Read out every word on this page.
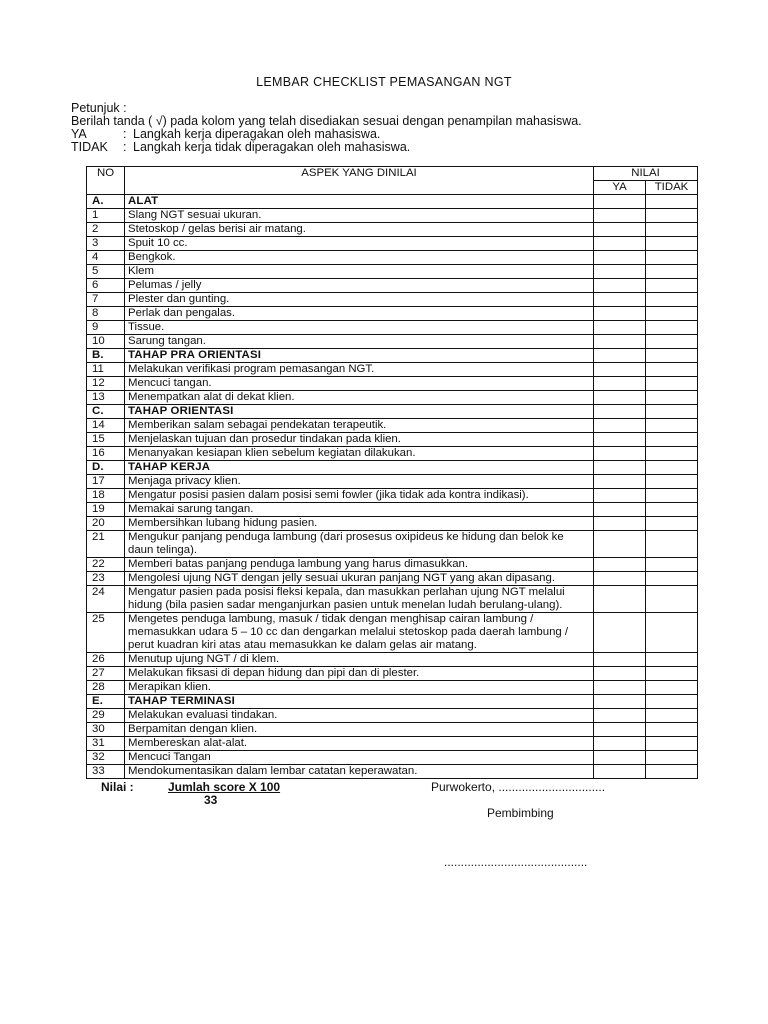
LEMBAR CHECKLIST PEMASANGAN NGT
Petunjuk :
Berilah tanda ( √) pada kolom yang telah disediakan sesuai dengan penampilan mahasiswa.
YA	: Langkah kerja diperagakan oleh mahasiswa.
TIDAK	: Langkah kerja tidak diperagakan oleh mahasiswa.
NO	ASPEK YANG DINILAI	NILAI	
		YA	TIDAK
A.	ALAT		
1	Slang NGT sesuai ukuran.		
2	Stetoskop / gelas berisi air matang.		
3	Spuit 10 cc.		
4	Bengkok.		
5	Klem		
6	Pelumas / jelly		
7	Plester dan gunting.		
8	Perlak dan pengalas.		
9	Tissue.		
10	Sarung tangan.		
B.	TAHAP PRA ORIENTASI		
11	Melakukan verifikasi program pemasangan NGT.		
12	Mencuci tangan.		
13	Menempatkan alat di dekat klien.		
C.	TAHAP ORIENTASI		
14	Memberikan salam sebagai pendekatan terapeutik.		
15	Menjelaskan tujuan dan prosedur tindakan pada klien.		
16	Menanyakan kesiapan klien sebelum kegiatan dilakukan.		
D.	TAHAP KERJA		
17	Menjaga privacy klien.		
18	Mengatur posisi pasien dalam posisi semi fowler (jika tidak ada kontra indikasi).		
19	Memakai sarung tangan.		
20	Membersihkan lubang hidung pasien.		
21	Mengukur panjang penduga lambung (dari prosesus oxipideus ke hidung dan belok ke daun telinga).		
22	Memberi batas panjang penduga lambung yang harus dimasukkan.		
23	Mengolesi ujung NGT dengan jelly sesuai ukuran panjang NGT yang akan dipasang.		
24	Mengatur pasien pada posisi fleksi kepala, dan masukkan perlahan ujung NGT melalui hidung (bila pasien sadar menganjurkan pasien untuk menelan ludah berulang-ulang).		
25	Mengetes penduga lambung, masuk / tidak dengan menghisap cairan lambung / memasukkan udara 5 – 10 cc dan dengarkan melalui stetoskop pada daerah lambung / perut kuadran kiri atas atau memasukkan ke dalam gelas air matang.		
26	Menutup ujung NGT / di klem.		
27	Melakukan fiksasi di depan hidung dan pipi dan di plester.		
28	Merapikan klien.		
E.	TAHAP TERMINASI		
29	Melakukan evaluasi tindakan.		
30	Berpamitan dengan klien.		
31	Membereskan alat-alat.		
32	Mencuci Tangan		
33	Mendokumentasikan dalam lembar catatan keperawatan.		
Nilai :	Jumlah score X 100
33
Purwokerto, ................................
Pembimbing
...........................................
